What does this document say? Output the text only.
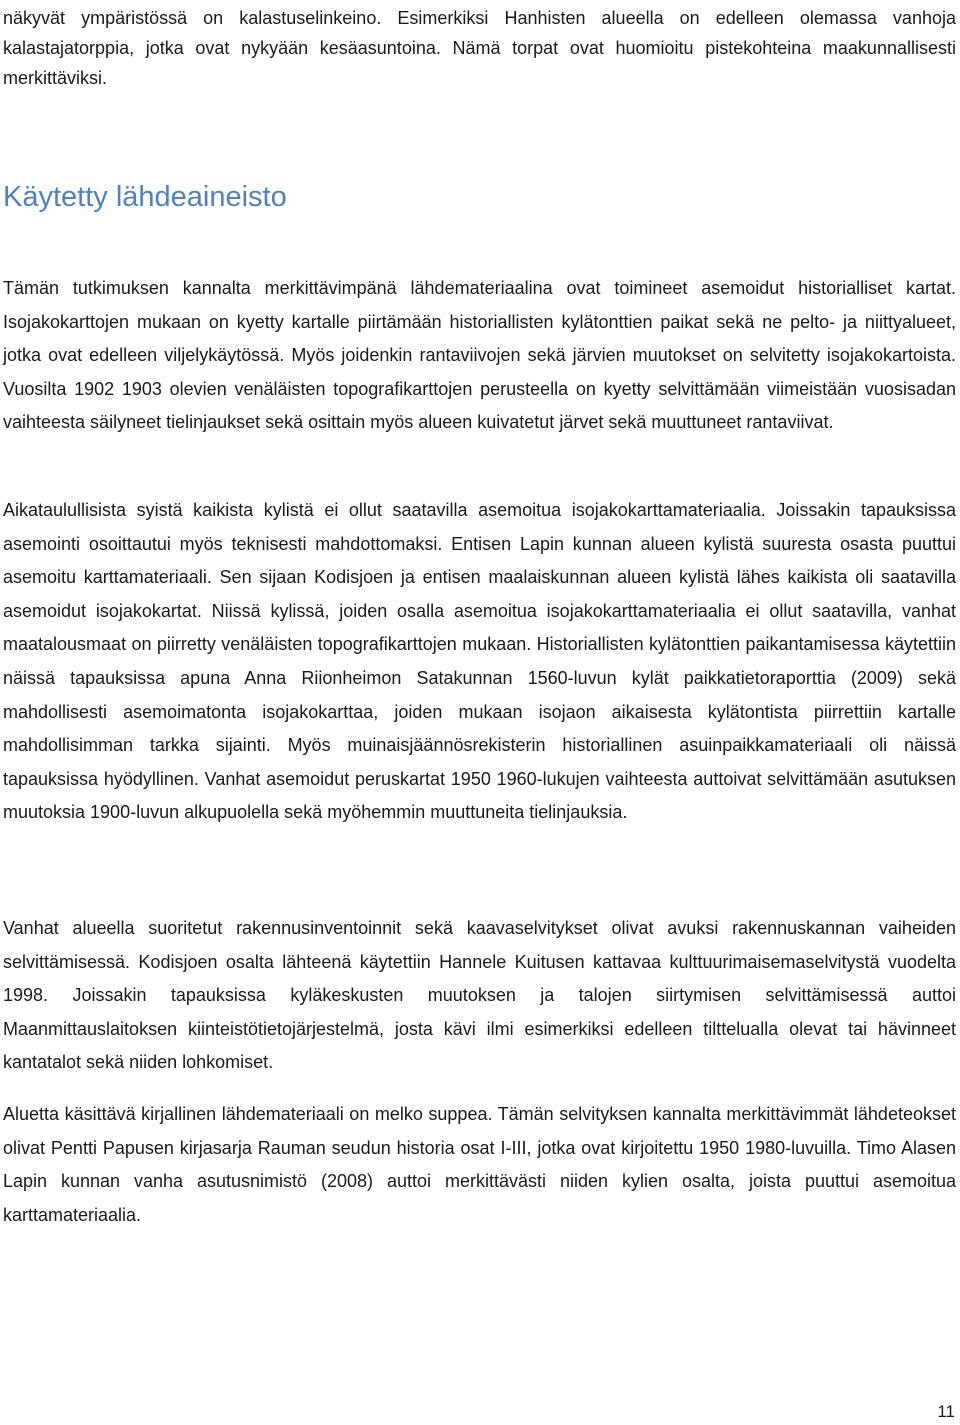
näkyvät ympäristössä on kalastuselinkeino. Esimerkiksi Hanhisten alueella on edelleen olemassa vanhoja kalastajatorppia, jotka ovat nykyään kesäasuntoina. Nämä torpat ovat huomioitu pistekohteina maakunnallisesti merkittäviksi.

Käytetty lähdeaineisto

Tämän tutkimuksen kannalta merkittävimpänä lähdemateriaalina ovat toimineet asemoidut historialliset kartat. Isojakokarttojen mukaan on kyetty kartalle piirtämään historiallisten kylätonttien paikat sekä ne pelto- ja niittyalueet, jotka ovat edelleen viljelykäytössä. Myös joidenkin rantaviivojen sekä järvien muutokset on selvitetty isojakokartoista. Vuosilta 1902 1903 olevien venäläisten topografikarttojen perusteella on kyetty selvittämään viimeistään vuosisadan vaihteesta säilyneet tielinjaukset sekä osittain myös alueen kuivatetut järvet sekä muuttuneet rantaviivat.

Aikataulullisista syistä kaikista kylistä ei ollut saatavilla asemoitua isojakokarttamateriaalia. Joissakin tapauksissa asemointi osoittautui myös teknisesti mahdottomaksi. Entisen Lapin kunnan alueen kylistä suuresta osasta puuttui asemoitu karttamateriaali. Sen sijaan Kodisjoen ja entisen maalaiskunnan alueen kylistä lähes kaikista oli saatavilla asemoidut isojakokartat. Niissä kylissä, joiden osalla asemoitua isojakokarttamateriaalia ei ollut saatavilla, vanhat maatalousmaat on piirretty venäläisten topografikarttojen mukaan. Historiallisten kylätonttien paikantamisessa käytettiin näissä tapauksissa apuna Anna Riionheimon Satakunnan 1560-luvun kylät paikkatietoraporttia (2009) sekä mahdollisesti asemoimatonta isojakokarttaa, joiden mukaan isojaon aikaisesta kylätontista piirrettiin kartalle mahdollisimman tarkka sijainti. Myös muinaisjäännösrekisterin historiallinen asuinpaikkamateriaali oli näissä tapauksissa hyödyllinen. Vanhat asemoidut peruskartat 1950 1960-lukujen vaihteesta auttoivat selvittämään asutuksen muutoksia 1900-luvun alkupuolella sekä myöhemmin muuttuneita tielinjauksia.

Vanhat alueella suoritetut rakennusinventoinnit sekä kaavaselvitykset olivat avuksi rakennuskannan vaiheiden selvittämisessä. Kodisjoen osalta lähteenä käytettiin Hannele Kuitusen kattavaa kulttuurimaisemaselvitystä vuodelta 1998. Joissakin tapauksissa kyläkeskusten muutoksen ja talojen siirtymisen selvittämisessä auttoi Maanmittauslaitoksen kiinteistötietojärjestelmä, josta kävi ilmi esimerkiksi edelleen tilttelualla olevat tai hävinneet kantatalot sekä niiden lohkomiset.

Aluetta käsittävä kirjallinen lähdemateriaali on melko suppea. Tämän selvityksen kannalta merkittävimmät lähdeteokset olivat Pentti Papusen kirjasarja Rauman seudun historia osat I-III, jotka ovat kirjoitettu 1950 1980-luvuilla. Timo Alasen Lapin kunnan vanha asutusnimistö (2008) auttoi merkittävästi niiden kylien osalta, joista puuttui asemoitua karttamateriaalia.

11
